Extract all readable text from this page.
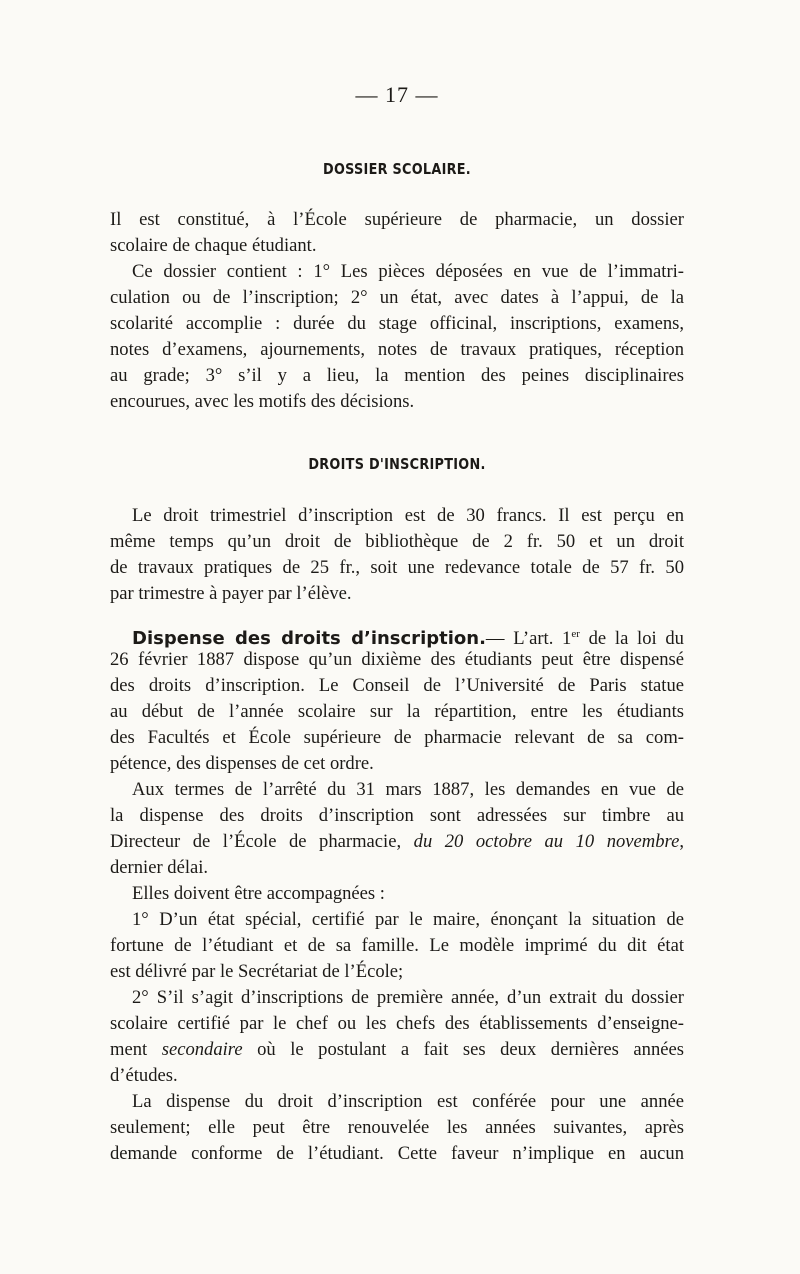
— 17 —
DOSSIER SCOLAIRE.
Il est constitué, à l’École supérieure de pharmacie, un dossier
scolaire de chaque étudiant.
Ce dossier contient : 1° Les pièces déposées en vue de l’immatri-
culation ou de l’inscription; 2° un état, avec dates à l’appui, de la
scolarité accomplie : durée du stage officinal, inscriptions, examens,
notes d’examens, ajournements, notes de travaux pratiques, réception
au grade; 3° s’il y a lieu, la mention des peines disciplinaires
encourues, avec les motifs des décisions.
DROITS D'INSCRIPTION.
Le droit trimestriel d’inscription est de 30 francs. Il est perçu en
même temps qu’un droit de bibliothèque de 2 fr. 50 et un droit
de travaux pratiques de 25 fr., soit une redevance totale de 57 fr. 50
par trimestre à payer par l’élève.
Dispense des droits d’inscription.— L’art. 1er de la loi du
26 février 1887 dispose qu’un dixième des étudiants peut être dispensé
des droits d’inscription. Le Conseil de l’Université de Paris statue
au début de l’année scolaire sur la répartition, entre les étudiants
des Facultés et École supérieure de pharmacie relevant de sa com-
pétence, des dispenses de cet ordre.
Aux termes de l’arrêté du 31 mars 1887, les demandes en vue de
la dispense des droits d’inscription sont adressées sur timbre au
Directeur de l’École de pharmacie, du 20 octobre au 10 novembre,
dernier délai.
Elles doivent être accompagnées :
1° D’un état spécial, certifié par le maire, énonçant la situation de
fortune de l’étudiant et de sa famille. Le modèle imprimé du dit état
est délivré par le Secrétariat de l’École;
2° S’il s’agit d’inscriptions de première année, d’un extrait du dossier
scolaire certifié par le chef ou les chefs des établissements d’enseigne-
ment secondaire où le postulant a fait ses deux dernières années
d’études.
La dispense du droit d’inscription est conférée pour une année
seulement; elle peut être renouvelée les années suivantes, après
demande conforme de l’étudiant. Cette faveur n’implique en aucun
